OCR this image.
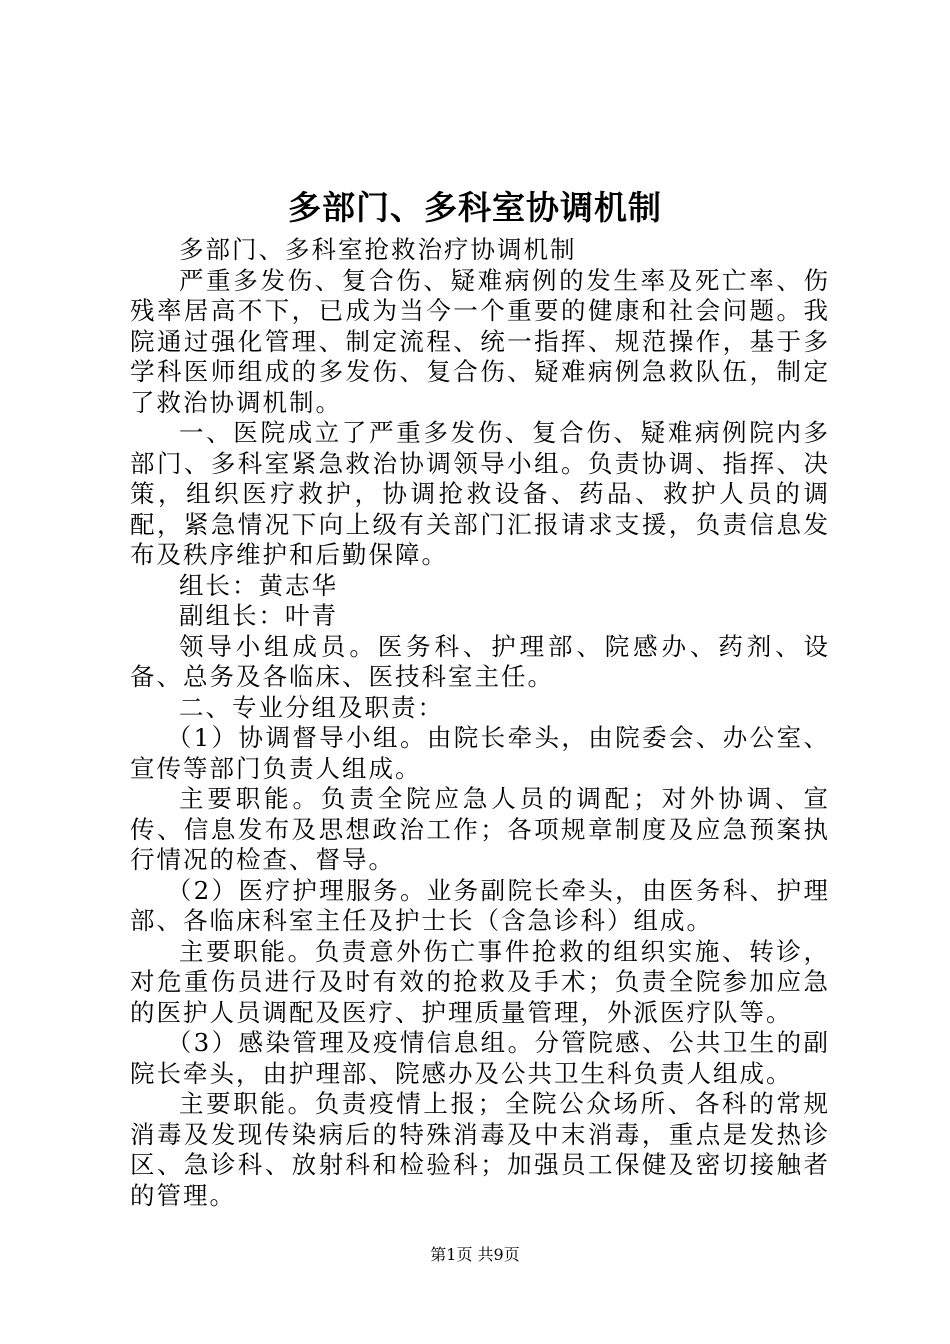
多部门、多科室协调机制

多部门、多科室抢救治疗协调机制

严重多发伤、复合伤、疑难病例的发生率及死亡率、伤残率居高不下，已成为当今一个重要的健康和社会问题。我院通过强化管理、制定流程、统一指挥、规范操作，基于多学科医师组成的多发伤、复合伤、疑难病例急救队伍，制定了救治协调机制。

一、医院成立了严重多发伤、复合伤、疑难病例院内多部门、多科室紧急救治协调领导小组。负责协调、指挥、决策，组织医疗救护，协调抢救设备、药品、救护人员的调配，紧急情况下向上级有关部门汇报请求支援，负责信息发布及秩序维护和后勤保障。

组长：黄志华

副组长：叶青

领导小组成员。医务科、护理部、院感办、药剂、设备、总务及各临床、医技科室主任。

二、专业分组及职责：

（1）协调督导小组。由院长牵头，由院委会、办公室、宣传等部门负责人组成。

主要职能。负责全院应急人员的调配；对外协调、宣传、信息发布及思想政治工作；各项规章制度及应急预案执行情况的检查、督导。

（2）医疗护理服务。业务副院长牵头，由医务科、护理部、各临床科室主任及护士长（含急诊科）组成。

主要职能。负责意外伤亡事件抢救的组织实施、转诊，对危重伤员进行及时有效的抢救及手术；负责全院参加应急的医护人员调配及医疗、护理质量管理，外派医疗队等。

（3）感染管理及疫情信息组。分管院感、公共卫生的副院长牵头，由护理部、院感办及公共卫生科负责人组成。

主要职能。负责疫情上报；全院公众场所、各科的常规消毒及发现传染病后的特殊消毒及中末消毒，重点是发热诊区、急诊科、放射科和检验科；加强员工保健及密切接触者的管理。

第1页 共9页
